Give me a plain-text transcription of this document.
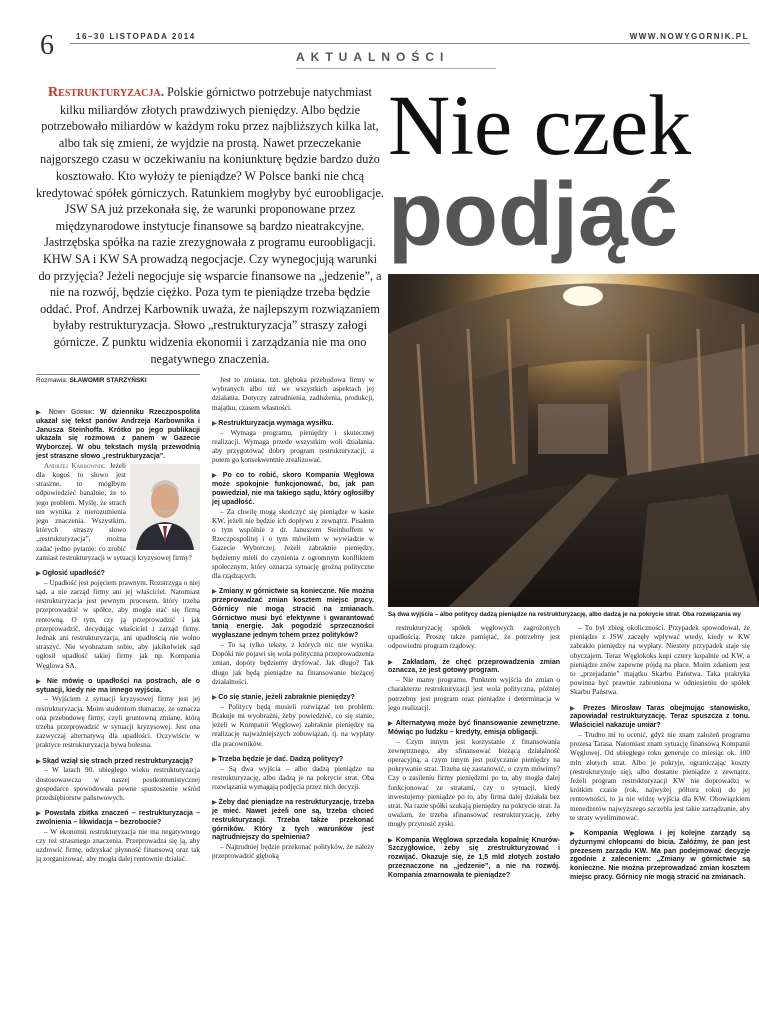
6	16–30 LISTOPADA 2014	WWW.NOWYGORNIK.PL
AKTUALNOŚCI
Nie czek
podjąć
Restrukturyzacja. Polskie górnictwo potrzebuje natychmiast kilku miliardów złotych prawdziwych pieniędzy. Albo będzie potrzebowało miliardów w każdym roku przez najbliższych kilka lat, albo tak się zmieni, że wyjdzie na prostą. Nawet przeczekanie najgorszego czasu w oczekiwaniu na koniunkturę będzie bardzo dużo kosztowało. Kto wyłoży te pieniądze? W Polsce banki nie chcą kredytować spółek górniczych. Ratunkiem mogłyby być euroobligacje. JSW SA już przekonała się, że warunki proponowane przez międzynarodowe instytucje finansowe są bardzo nieatrakcyjne. Jastrzębska spółka na razie zrezygnowała z programu euroobligacji. KHW SA i KW SA prowadzą negocjacje. Czy wynegocjują warunki do przyjęcia? Jeżeli negocjuje się wsparcie finansowe na „jedzenie”, a nie na rozwój, będzie ciężko. Poza tym te pieniądze trzeba będzie oddać. Prof. Andrzej Karbownik uważa, że najlepszym rozwiązaniem byłaby restrukturyzacja. Słowo „restrukturyzacja” straszy załogi górnicze. Z punktu widzenia ekonomii i zarządzania nie ma ono negatywnego znaczenia.
Są dwa wyjścia – albo politycy dadzą pieniądze na restrukturyzację, albo dadzą je na pokrycie strat. Oba rozwiązania wy
Rozmawia: SŁAWOMIR STARZYŃSKI

▶ Nowy Górnik: W dzienniku Rzeczpospolita ukazał się tekst panów Andrzeja Karbownika i Janusza Steinhoffa. Krótko po jego publikacji ukazała się rozmowa z panem w Gazecie Wyborczej. W obu tekstach myślą przewodnią jest straszne słowo „restrukturyzacja”.

Andrzej Karbownik: Jeżeli dla kogoś to słowo jest straszne, to mógłbym odpowiedzieć banalnie, że to jego problem. Myślę, że strach ten wynika z nierozumienia jego znaczenia. Wszystkim, których straszy słowo „restrukturyzacja”, można zadać jedno pytanie: co zrobić zamiast restrukturyzacji w sytuacji kryzysowej firmy?

▶ Ogłosić upadłość?

– Upadłość jest pojęciem prawnym. Rozstrzyga o niej sąd, a nie zarząd firmy ani jej właściciel. Natomiast restrukturyzacja jest pewnym procesem, który trzeba przeprowadzić w spółce, aby mogła stać się firmą rentowną. O tym, czy ją przeprowadzić i jak przeprowadzić, decydując właściciel i zarząd firmy. Jednak ani restrukturyzacja, ani upadłością nie wolno straszyć. Nie wyobrażam sobie, aby jakikolwiek sąd ogłosił upadłość takiej firmy jak np. Kompania Węglowa SA.

▶ Nie mówię o upadłości na postrach, ale o sytuacji, kiedy nie ma innego wyjścia.

– Wyjściem z sytuacji kryzysowej firmy jest jej restrukturyzacja. Moim studentom tłumaczę, że oznacza ona przebudowę firmy, czyli gruntowną zmianę, którą trzeba przeprowadzić w sytuacji kryzysowej. Jest ona zazwyczaj alternatywą dla upadłości. Oczywiście w praktyce restrukturyzacja bywa bolesna.

▶ Skąd wziął się strach przed restrukturyzacją?

– W latach 90. ubiegłego wieku restrukturyzacja dostosowawcza w naszej postkomunistycznej gospodarce spowodowała pewne spustoszenie wśród przedsiębiorstw państwowych.

▶ Powstała zbitka znaczeń – restrukturyzacja – zwolnienia – likwidacja – bezrobocie?

– W ekonomii restrukturyzacja nie ma negatywnego czy też strasznego znaczenia. Przeprowadza się ją, aby uzdrowić firmę, odzyskać płynność finansową oraz tak ją zorganizować, aby mogła dalej rentownie działać.

Jest to zmiana, tzn. głęboka przebudowa firmy w wybranych albo też we wszystkich aspektach jej działania. Dotyczy zatrudnienia, zadłużenia, produkcji, majątku, czasem własności.

▶ Restrukturyzacja wymaga wysiłku.

– Wymaga programu, pieniędzy i skutecznej realizacji. Wymaga przede wszystkim woli działania, aby przygotować dobry program restrukturyzacji, a potem go konsekwentnie zrealizować.

▶ Po co to robić, skoro Kompania Węglowa może spokojnie funkcjonować, bo, jak pan powiedział, nie ma takiego sądu, który ogłosiłby jej upadłość.

– Za chwilę mogą skończyć się pieniądze w kasie KW, jeżeli nie będzie ich dopływu z zewnątrz. Pisałem o tym wspólnie z dr. Januszem Steinhoffem w Rzeczpospolitej i o tym mówiłem w wywiadzie w Gazecie Wyborczej. Jeżeli zabraknie pieniędzy, będziemy mieli do czynienia z ogromnym konfliktem społecznym, który oznacza sytuację groźną polityczne dla rządzących.

▶ Zmiany w górnictwie są konieczne. Nie można przeprowadzać zmian kosztem miejsc pracy. Górnicy nie mogą stracić na zmianach. Górnictwo musi być efektywne i gwarantować tanią energię. Jak pogodzić sprzeczności wygłaszane jednym tchem przez polityków?

– To są tylko teksty, z których nic nie wynika. Dopóki nie pojawi się wola polityczna przeprowadzenia zmian, dopóty będziemy dryfować. Jak długo? Tak długo jak będą pieniądze na finansowanie bieżącej działalności.

▶ Co się stanie, jeżeli zabraknie pieniędzy?

– Politycy będą musieli rozwiązać ten problem. Brakuje mi wyobraźni, żeby powiedzieć, co się stanie, jeżeli w Kompanii Węglowej zabraknie pieniędzy na realizację najważniejszych zobowiązań, tj. na wypłaty dla pracowników.

▶ Trzeba będzie je dać. Dadzą politycy?

– Są dwa wyjścia – albo dadzą pieniądze na restrukturyzację, albo dadzą je na pokrycie strat. Oba rozwiązania wymagają podjęcia przez nich decyzji.

▶ Żeby dać pieniądze na restrukturyzację, trzeba je mieć. Nawet jeżeli one są, trzeba chcieć restrukturyzacji. Trzeba także przekonać górników. Który z tych warunków jest najtrudniejszy do spełnienia?

– Najtrudniej będzie przekonać polityków, że należy przeprowadzić głęboką

restrukturyzację spółek węglowych zagrożonych upadłością. Proszę także pamiętać, że potrzebny jest odpowiedni program rządowy.

▶ Zakładam, że chęć przeprowadzenia zmian oznacza, że jest gotowy program.

– Nie mamy programu. Punktem wyjścia do zmian o charakterze restrukturyzacji jest wola polityczna, później potrzebny jest program oraz pieniądze i determinacja w jego realizacji.

▶ Alternatywą może być finansowanie zewnętrzne. Mówiąc po ludzku – kredyty, emisja obligacji.

– Czym innym jest korzystanie z finansowania zewnętrznego, aby sfinansować bieżącą działalność operacyjną, a czym innym jest pożyczanie pieniędzy na pokrywanie strat. Trzeba się zastanowić, o czym mówimy? Czy o zasileniu firmy pieniędzmi po to, aby mogła dalej funkcjonować ze stratami, czy o sytuacji, kiedy inwestujemy pieniądze po to, aby firma dalej działała bez strat. Na razie spółki szukają pieniędzy na pokrycie strat. Ja uważam, że trzeba sfinansować restrukturyzację, żeby mogły przynosić zyski.

▶ Kompania Węglowa sprzedała kopalnię Knurów-Szczygłowice, żeby się zrestrukturyzować i rozwijać. Okazuje się, że 1,5 mld złotych zostało przeznaczone na „jedzenie”, a nie na rozwój. Kompania zmarnowała te pieniądze?

– To był zbieg okoliczności. Przypadek spowodował, że pieniądze z JSW zaczęły wpływać wtedy, kiedy w KW zabrakło pieniędzy na wypłaty. Niestety przypadek staje się obyczajem. Teraz Węglokoks kupi cztery kopalnie od KW, a pieniądze znów zapewne pójdą na płace. Moim zdaniem jest to „przejadanie” majątku Skarbu Państwa. Taka praktyka powinna być prawnie zabroniona w odniesieniu do spółek Skarbu Państwa.

▶ Prezes Mirosław Taras obejmując stanowisko, zapowiadał restrukturyzację. Teraz spuszcza z tonu. Właściciel nakazuje umiar?

– Trudno mi to ocenić, gdyż nie znam założeń programu prezesa Tarasa. Natomiast znam sytuację finansową Kompanii Węglowej. Od ubiegłego roku generuje co miesiąc ok. 100 mln złotych strat. Albo je pokryje, ograniczając koszty (restrukturyzuje się), albo dostanie pieniądze z zewnątrz. Jeżeli program restrukturyzacji KW nie doprowadzi w krótkim czasie (rok, najwyżej półtora roku) do jej rentowności, to ja nie widzę wyjścia dla KW. Obowiązkiem menedżerów najwyższego szczebla jest takie zarządzanie, aby te straty wyeliminować.

▶ Kompania Węglowa i jej kolejne zarządy są dyżurnymi chłopcami do bicia. Załóżmy, że pan jest prezesem zarządu KW. Ma pan podejmować decyzje zgodnie z zaleceniem: „Zmiany w górnictwie są konieczne. Nie można przeprowadzać zmian kosztem miejsc pracy. Górnicy nie mogą stracić na zmianach.
